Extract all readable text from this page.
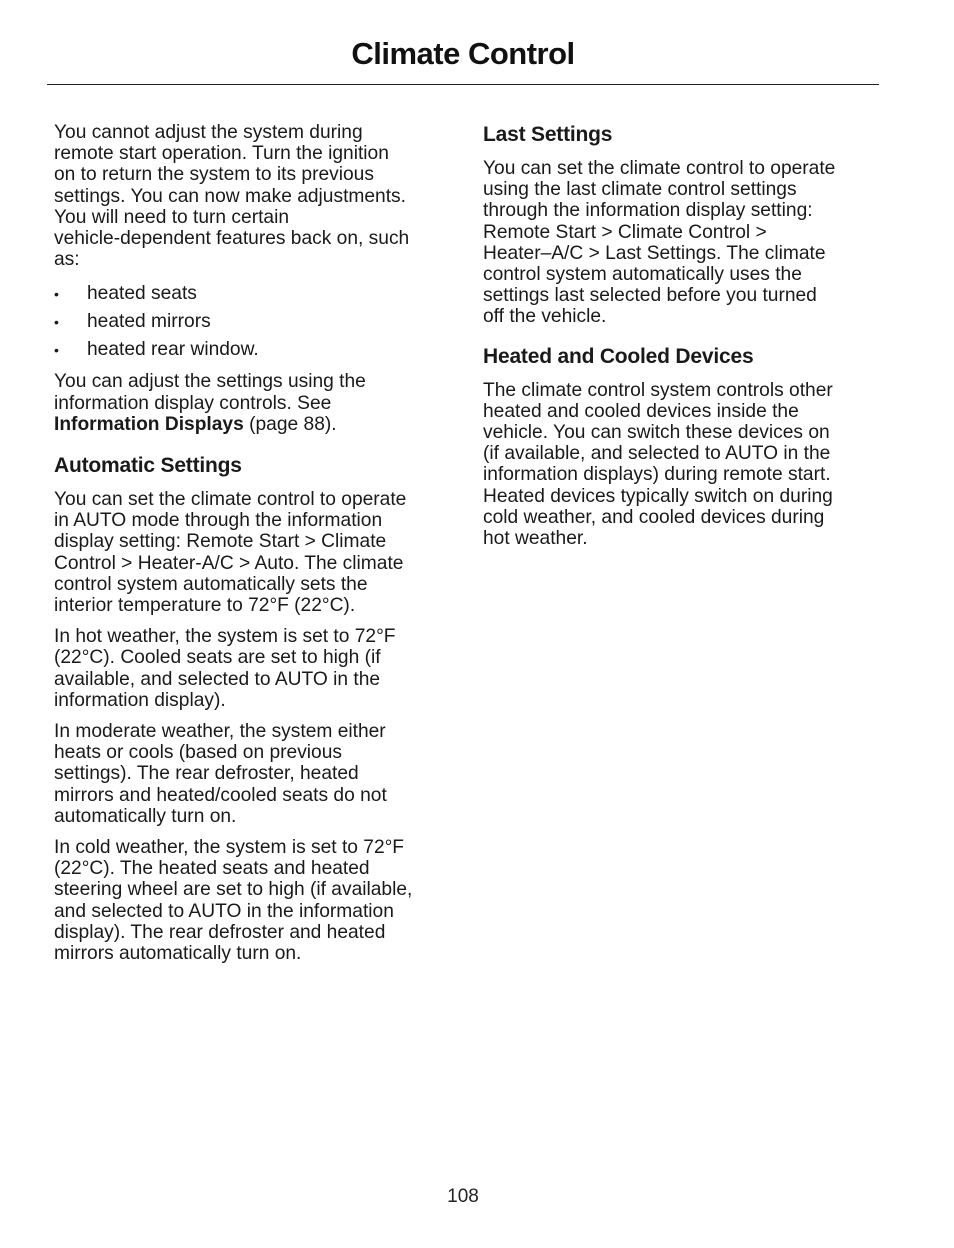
Climate Control

You cannot adjust the system during
remote start operation. Turn the ignition
on to return the system to its previous
settings. You can now make adjustments.
You will need to turn certain
vehicle-dependent features back on, such
as:

• heated seats
• heated mirrors
• heated rear window.

You can adjust the settings using the
information display controls. See
Information Displays (page 88).

Automatic Settings

You can set the climate control to operate
in AUTO mode through the information
display setting: Remote Start > Climate
Control > Heater-A/C > Auto. The climate
control system automatically sets the
interior temperature to 72°F (22°C).

In hot weather, the system is set to 72°F
(22°C). Cooled seats are set to high (if
available, and selected to AUTO in the
information display).

In moderate weather, the system either
heats or cools (based on previous
settings). The rear defroster, heated
mirrors and heated/cooled seats do not
automatically turn on.

In cold weather, the system is set to 72°F
(22°C). The heated seats and heated
steering wheel are set to high (if available,
and selected to AUTO in the information
display). The rear defroster and heated
mirrors automatically turn on.

Last Settings

You can set the climate control to operate
using the last climate control settings
through the information display setting:
Remote Start > Climate Control >
Heater–A/C > Last Settings. The climate
control system automatically uses the
settings last selected before you turned
off the vehicle.

Heated and Cooled Devices

The climate control system controls other
heated and cooled devices inside the
vehicle. You can switch these devices on
(if available, and selected to AUTO in the
information displays) during remote start.
Heated devices typically switch on during
cold weather, and cooled devices during
hot weather.

108
